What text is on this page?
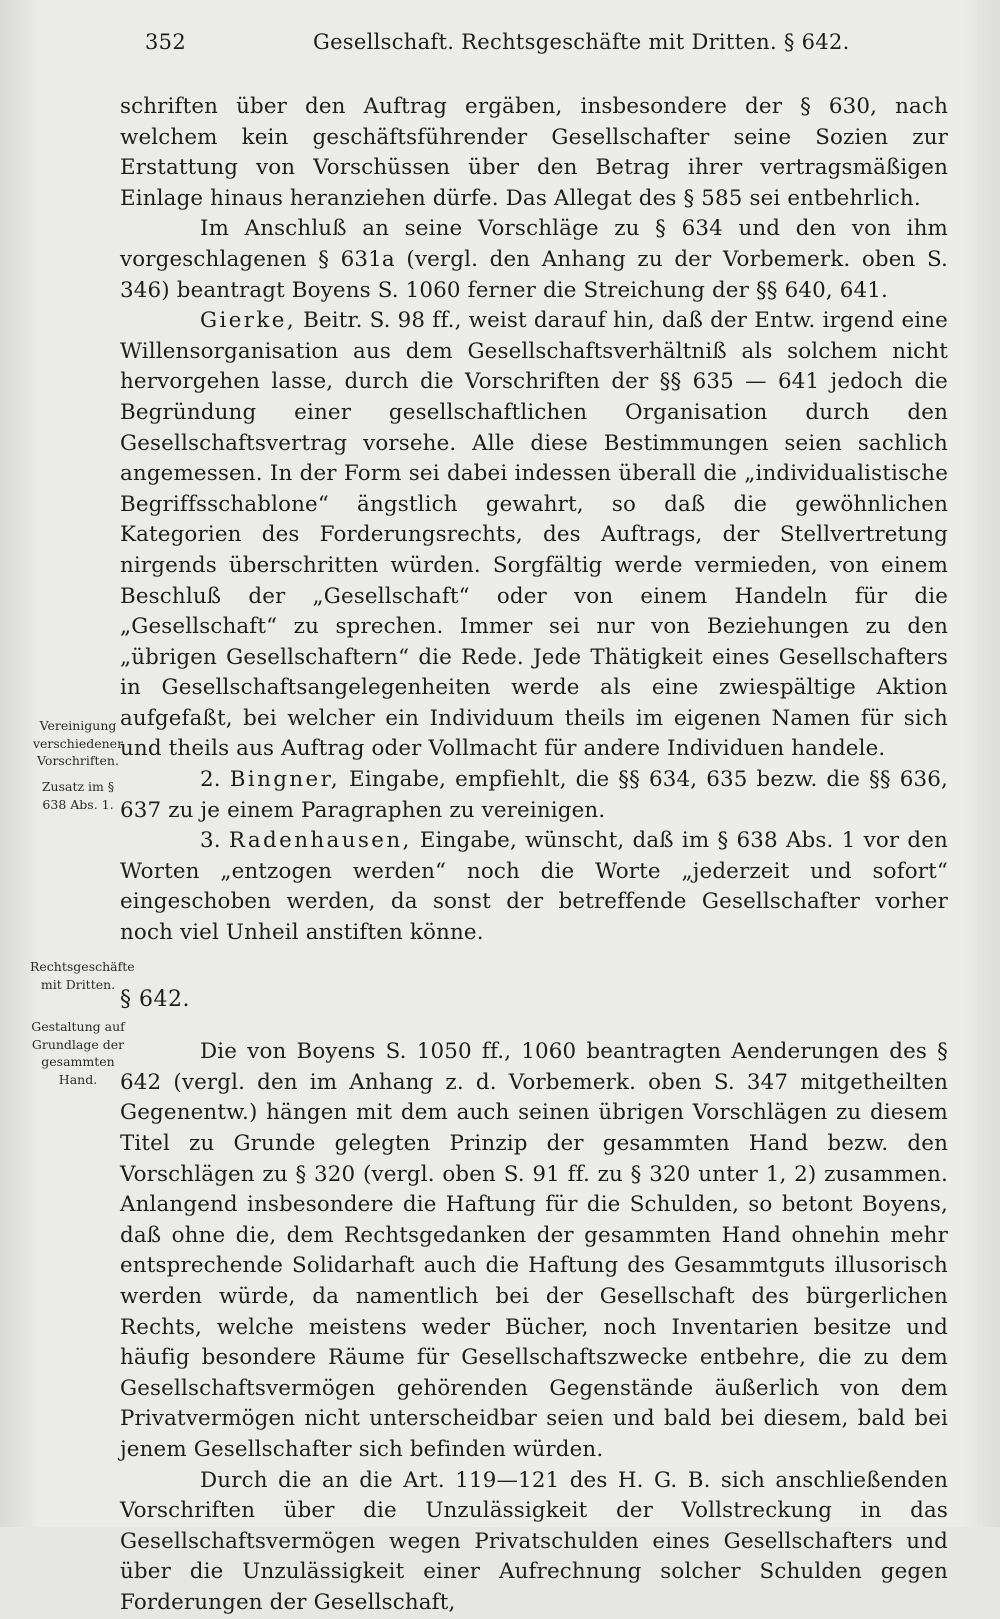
352	Gesellschaft. Rechtsgeschäfte mit Dritten. § 642.
Vereinigung verschiedener Vorschriften.
Zusatz im § 638 Abs. 1.
Rechtsgeschäfte mit Dritten.
Gestaltung auf Grundlage der gesammten Hand.

schriften über den Auftrag ergäben, insbesondere der § 630, nach welchem kein geschäftsführender Gesellschafter seine Sozien zur Erstattung von Vorschüssen über den Betrag ihrer vertragsmäßigen Einlage hinaus heranziehen dürfe. Das Allegat des § 585 sei entbehrlich.

Im Anschluß an seine Vorschläge zu § 634 und den von ihm vorgeschlagenen § 631a (vergl. den Anhang zu der Vorbemerk. oben S. 346) beantragt Boyens S. 1060 ferner die Streichung der §§ 640, 641.

Gierke, Beitr. S. 98 ff., weist darauf hin, daß der Entw. irgend eine Willensorganisation aus dem Gesellschaftsverhältniß als solchem nicht hervorgehen lasse, durch die Vorschriften der §§ 635 — 641 jedoch die Begründung einer gesellschaftlichen Organisation durch den Gesellschaftsvertrag vorsehe. Alle diese Bestimmungen seien sachlich angemessen. In der Form sei dabei indessen überall die „individualistische Begriffsschablone“ ängstlich gewahrt, so daß die gewöhnlichen Kategorien des Forderungsrechts, des Auftrags, der Stellvertretung nirgends überschritten würden. Sorgfältig werde vermieden, von einem Beschluß der „Gesellschaft“ oder von einem Handeln für die „Gesellschaft“ zu sprechen. Immer sei nur von Beziehungen zu den „übrigen Gesellschaftern“ die Rede. Jede Thätigkeit eines Gesellschafters in Gesellschaftsangelegenheiten werde als eine zwiespältige Aktion aufgefaßt, bei welcher ein Individuum theils im eigenen Namen für sich und theils aus Auftrag oder Vollmacht für andere Individuen handele.

2. Bingner, Eingabe, empfiehlt, die §§ 634, 635 bezw. die §§ 636, 637 zu je einem Paragraphen zu vereinigen.

3. Radenhausen, Eingabe, wünscht, daß im § 638 Abs. 1 vor den Worten „entzogen werden“ noch die Worte „jederzeit und sofort“ eingeschoben werden, da sonst der betreffende Gesellschafter vorher noch viel Unheil anstiften könne.

§ 642.

Die von Boyens S. 1050 ff., 1060 beantragten Aenderungen des § 642 (vergl. den im Anhang z. d. Vorbemerk. oben S. 347 mitgetheilten Gegenentw.) hängen mit dem auch seinen übrigen Vorschlägen zu diesem Titel zu Grunde gelegten Prinzip der gesammten Hand bezw. den Vorschlägen zu § 320 (vergl. oben S. 91 ff. zu § 320 unter 1, 2) zusammen. Anlangend insbesondere die Haftung für die Schulden, so betont Boyens, daß ohne die, dem Rechtsgedanken der gesammten Hand ohnehin mehr entsprechende Solidarhaft auch die Haftung des Gesammtguts illusorisch werden würde, da namentlich bei der Gesellschaft des bürgerlichen Rechts, welche meistens weder Bücher, noch Inventarien besitze und häufig besondere Räume für Gesellschaftszwecke entbehre, die zu dem Gesellschaftsvermögen gehörenden Gegenstände äußerlich von dem Privatvermögen nicht unterscheidbar seien und bald bei diesem, bald bei jenem Gesellschafter sich befinden würden.

Durch die an die Art. 119—121 des H. G. B. sich anschließenden Vorschriften über die Unzulässigkeit der Vollstreckung in das Gesellschaftsvermögen wegen Privatschulden eines Gesellschafters und über die Unzulässigkeit einer Aufrechnung solcher Schulden gegen Forderungen der Gesellschaft,
